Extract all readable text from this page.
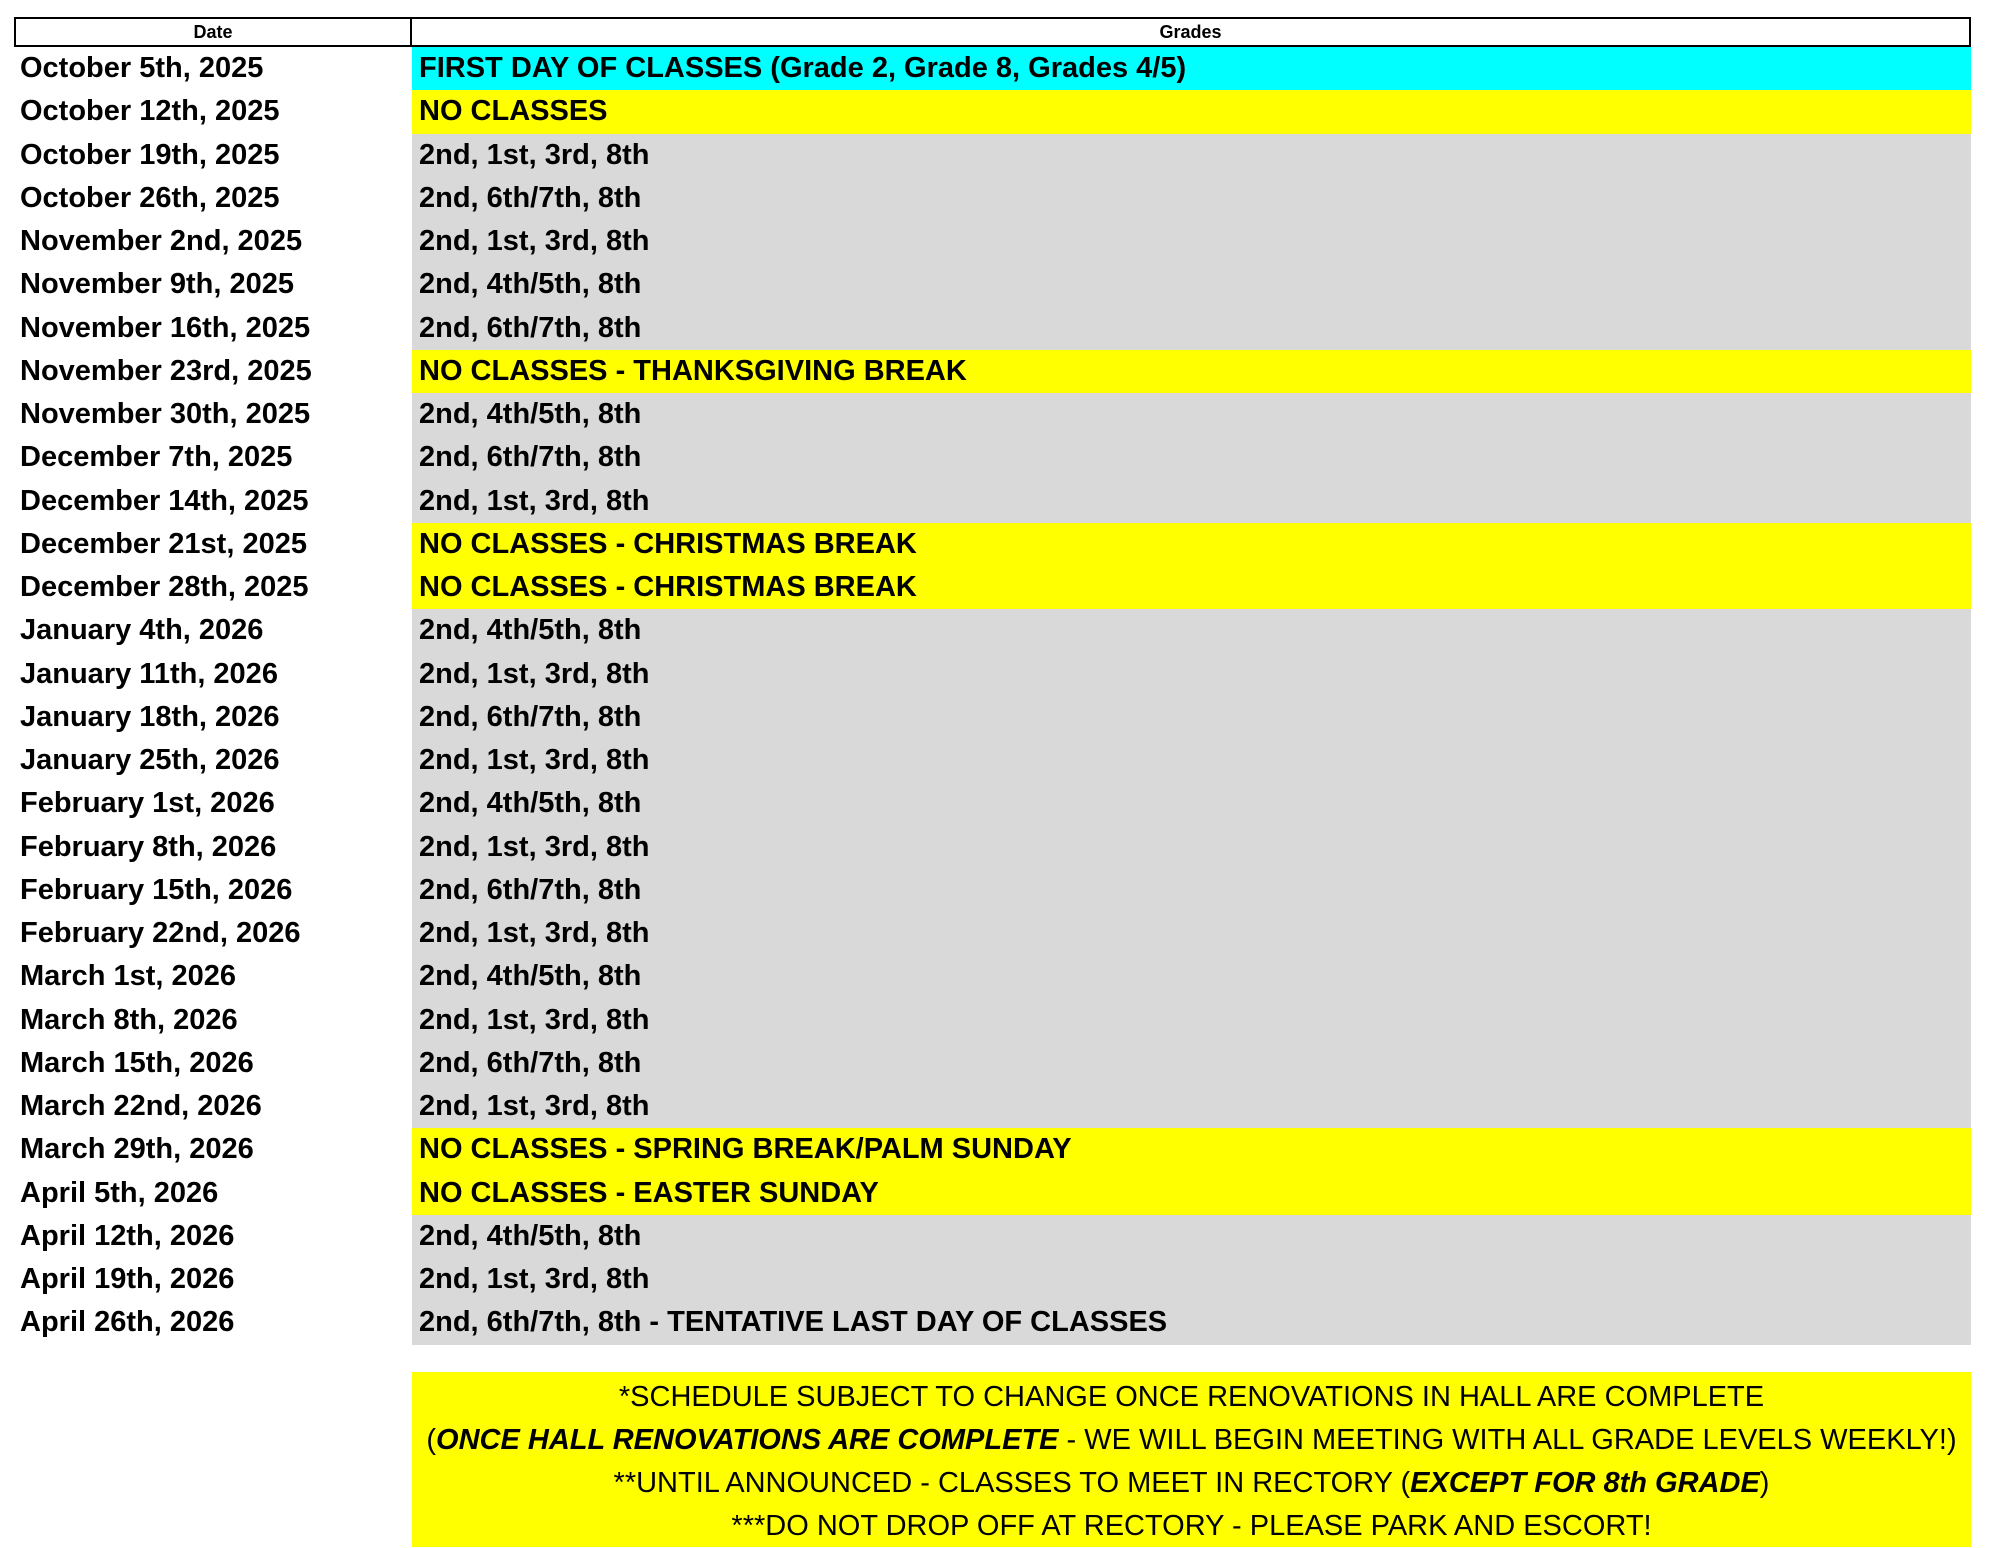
Date	Grades
October 5th, 2025	FIRST DAY OF CLASSES (Grade 2, Grade 8, Grades 4/5)
October 12th, 2025	NO CLASSES
October 19th, 2025	2nd, 1st, 3rd, 8th
October 26th, 2025	2nd, 6th/7th, 8th
November 2nd, 2025	2nd, 1st, 3rd, 8th
November 9th, 2025	2nd, 4th/5th, 8th
November 16th, 2025	2nd, 6th/7th, 8th
November 23rd, 2025	NO CLASSES - THANKSGIVING BREAK
November 30th, 2025	2nd, 4th/5th, 8th
December 7th, 2025	2nd, 6th/7th, 8th
December 14th, 2025	2nd, 1st, 3rd, 8th
December 21st, 2025	NO CLASSES - CHRISTMAS BREAK
December 28th, 2025	NO CLASSES - CHRISTMAS BREAK
January 4th, 2026	2nd, 4th/5th, 8th
January 11th, 2026	2nd, 1st, 3rd, 8th
January 18th, 2026	2nd, 6th/7th, 8th
January 25th, 2026	2nd, 1st, 3rd, 8th
February 1st, 2026	2nd, 4th/5th, 8th
February 8th, 2026	2nd, 1st, 3rd, 8th
February 15th, 2026	2nd, 6th/7th, 8th
February 22nd, 2026	2nd, 1st, 3rd, 8th
March 1st, 2026	2nd, 4th/5th, 8th
March 8th, 2026	2nd, 1st, 3rd, 8th
March 15th, 2026	2nd, 6th/7th, 8th
March 22nd, 2026	2nd, 1st, 3rd, 8th
March 29th, 2026	NO CLASSES - SPRING BREAK/PALM SUNDAY
April 5th, 2026	NO CLASSES - EASTER SUNDAY
April 12th, 2026	2nd, 4th/5th, 8th
April 19th, 2026	2nd, 1st, 3rd, 8th
April 26th, 2026	2nd, 6th/7th, 8th - TENTATIVE LAST DAY OF CLASSES
*SCHEDULE SUBJECT TO CHANGE ONCE RENOVATIONS IN HALL ARE COMPLETE
(ONCE HALL RENOVATIONS ARE COMPLETE - WE WILL BEGIN MEETING WITH ALL GRADE LEVELS WEEKLY!)
**UNTIL ANNOUNCED - CLASSES TO MEET IN RECTORY (EXCEPT FOR 8th GRADE)
***DO NOT DROP OFF AT RECTORY - PLEASE PARK AND ESCORT!
